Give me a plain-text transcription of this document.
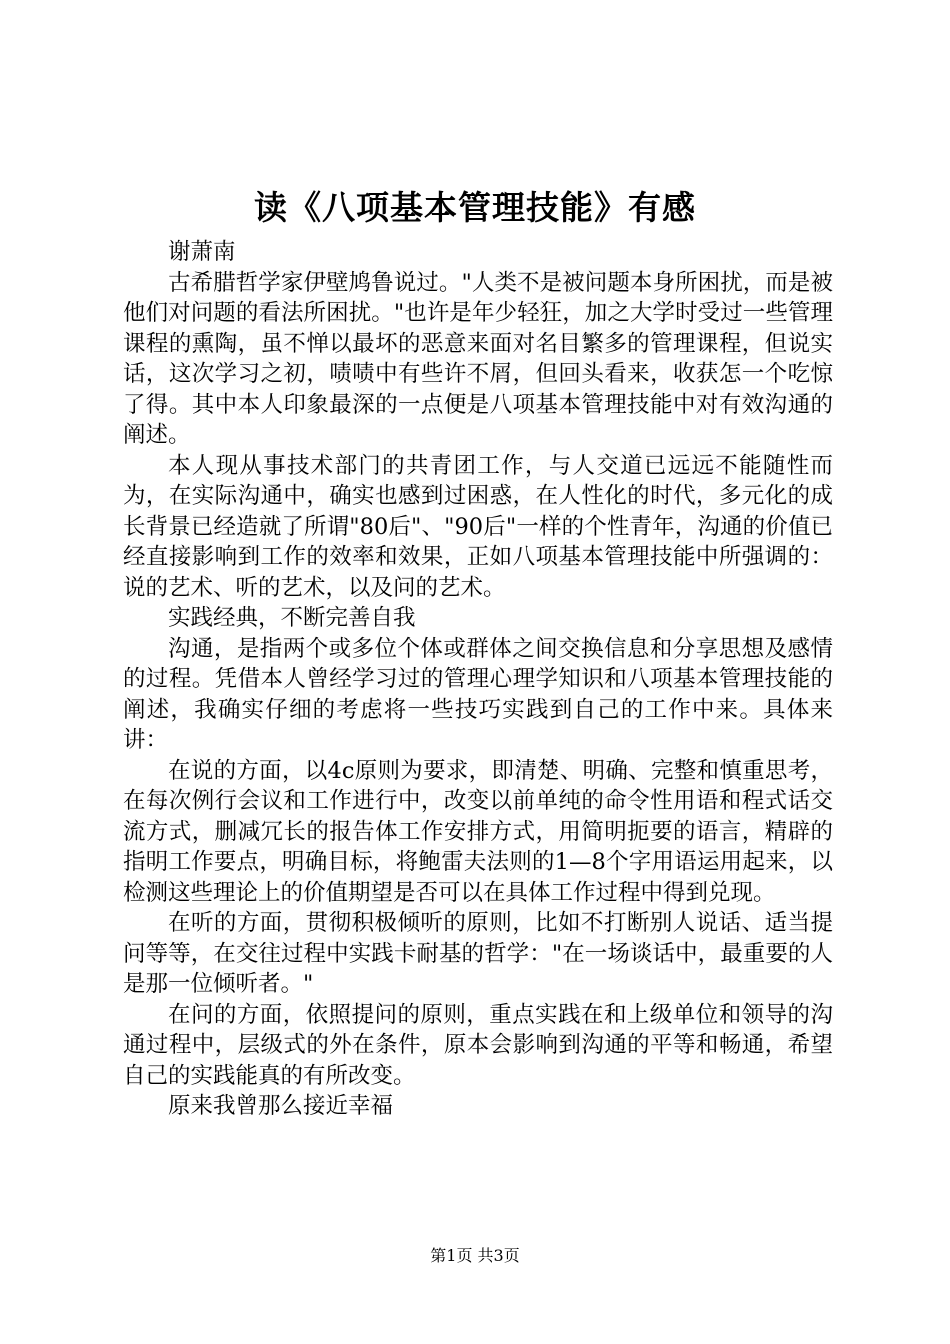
读《八项基本管理技能》有感

谢萧南

古希腊哲学家伊壁鸠鲁说过。"人类不是被问题本身所困扰，而是被他们对问题的看法所困扰。"也许是年少轻狂，加之大学时受过一些管理课程的熏陶，虽不惮以最坏的恶意来面对名目繁多的管理课程，但说实话，这次学习之初，啧啧中有些许不屑，但回头看来，收获怎一个吃惊了得。其中本人印象最深的一点便是八项基本管理技能中对有效沟通的阐述。

本人现从事技术部门的共青团工作，与人交道已远远不能随性而为，在实际沟通中，确实也感到过困惑，在人性化的时代，多元化的成长背景已经造就了所谓"80后"、"90后"一样的个性青年，沟通的价值已经直接影响到工作的效率和效果，正如八项基本管理技能中所强调的：说的艺术、听的艺术，以及问的艺术。

实践经典，不断完善自我

沟通，是指两个或多位个体或群体之间交换信息和分享思想及感情的过程。凭借本人曾经学习过的管理心理学知识和八项基本管理技能的阐述，我确实仔细的考虑将一些技巧实践到自己的工作中来。具体来讲：

在说的方面，以4c原则为要求，即清楚、明确、完整和慎重思考，在每次例行会议和工作进行中，改变以前单纯的命令性用语和程式话交流方式，删减冗长的报告体工作安排方式，用简明扼要的语言，精辟的指明工作要点，明确目标，将鲍雷夫法则的1—8个字用语运用起来，以检测这些理论上的价值期望是否可以在具体工作过程中得到兑现。

在听的方面，贯彻积极倾听的原则，比如不打断别人说话、适当提问等等，在交往过程中实践卡耐基的哲学："在一场谈话中，最重要的人是那一位倾听者。"

在问的方面，依照提问的原则，重点实践在和上级单位和领导的沟通过程中，层级式的外在条件，原本会影响到沟通的平等和畅通，希望自己的实践能真的有所改变。

原来我曾那么接近幸福

第1页 共3页
